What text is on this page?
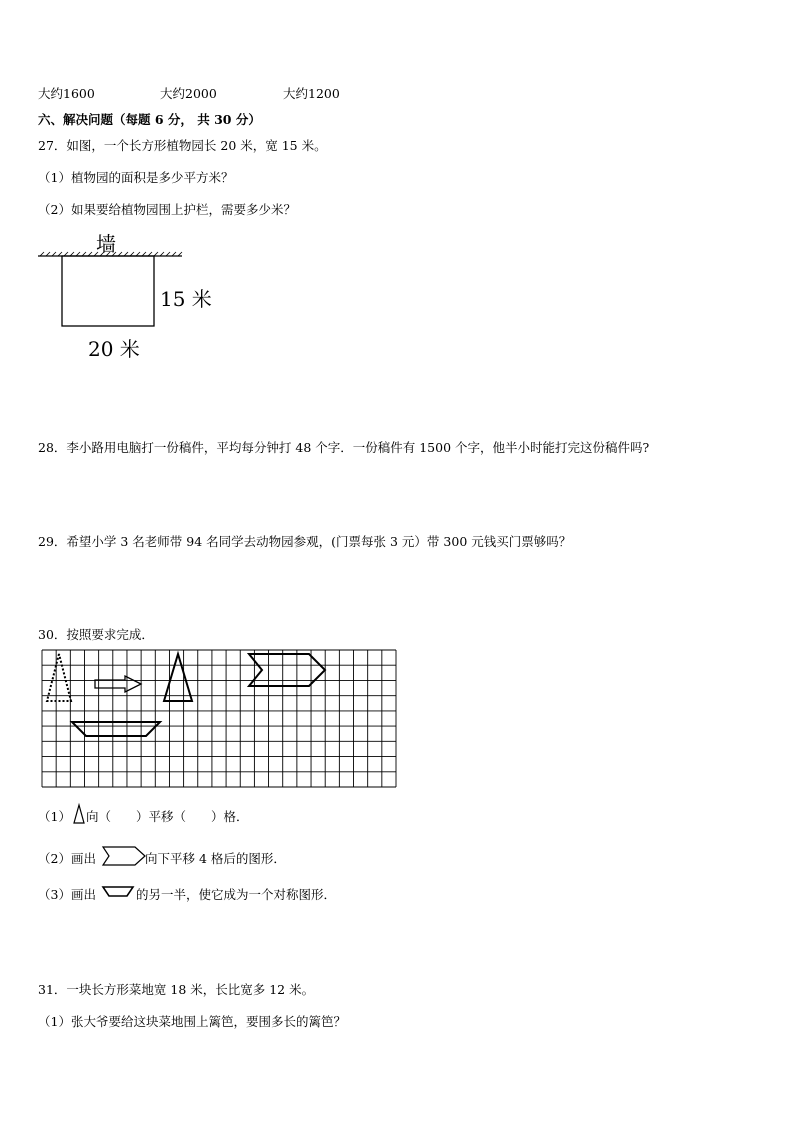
大约1600	大约2000	大约1200
六、解决问题（每题 6 分， 共 30 分）
27．如图，一个长方形植物园长 20 米，宽 15 米。
（1）植物园的面积是多少平方米？
（2）如果要给植物园围上护栏，需要多少米？
墙
15 米
20 米
28．李小路用电脑打一份稿件，平均每分钟打 48 个字．一份稿件有 1500 个字，他半小时能打完这份稿件吗?
29．希望小学 3 名老师带 94 名同学去动物园参观，(门票每张 3 元）带 300 元钱买门票够吗？
30．按照要求完成．
（1） 向（　　）平移（　　）格．
（2）画出	向下平移 4 格后的图形．
（3）画出	的另一半，使它成为一个对称图形．
31．一块长方形菜地宽 18 米，长比宽多 12 米。
（1）张大爷要给这块菜地围上篱笆，要围多长的篱笆？
